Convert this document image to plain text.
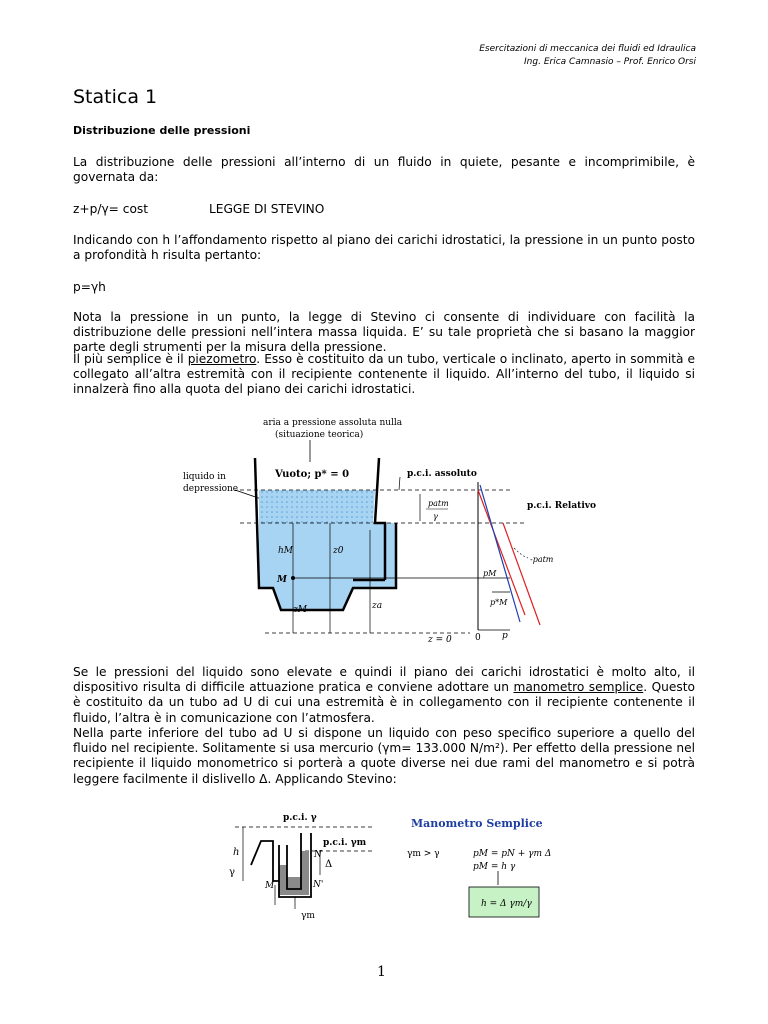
Esercitazioni di meccanica dei fluidi ed Idraulica
Ing. Erica Camnasio – Prof. Enrico Orsi
Statica 1
Distribuzione delle pressioni
La distribuzione delle pressioni all’interno di un fluido in quiete, pesante e incomprimibile, è governata da:
z+p/γ= cost	LEGGE DI STEVINO
Indicando con h l’affondamento rispetto al piano dei carichi idrostatici, la pressione in un punto posto a profondità h risulta pertanto:
p=γh
Nota la pressione in un punto, la legge di Stevino ci consente di individuare con facilità la distribuzione delle pressioni nell’intera massa liquida. E’ su tale proprietà che si basano la maggior parte degli strumenti per la misura della pressione.
Il più semplice è il piezometro. Esso è costituito da un tubo, verticale o inclinato, aperto in sommità e collegato all’altra estremità con il recipiente contenente il liquido. All’interno del tubo, il liquido si innalzerà fino alla quota del piano dei carichi idrostatici.
aria a pressione assoluta nulla
(situazione teorica)
liquido in
depressione
Vuoto; p* = 0	p.c.i. assoluto
p.c.i. Relativo
patm
γ
hM	z0
za
zM
M
z = 0
pM
p*M
-patm
0 p
Se le pressioni del liquido sono elevate e quindi il piano dei carichi idrostatici è molto alto, il dispositivo risulta di difficile attuazione pratica e conviene adottare un manometro semplice. Questo è costituito da un tubo ad U di cui una estremità è in collegamento con il recipiente contenente il fluido, l’altra è in comunicazione con l’atmosfera.
Nella parte inferiore del tubo ad U si dispone un liquido con peso specifico superiore a quello del fluido nel recipiente. Solitamente si usa mercurio (γm= 133.000 N/m²). Per effetto della pressione nel recipiente il liquido monometrico si porterà a quote diverse nei due rami del manometro e si potrà leggere facilmente il dislivello Δ. Applicando Stevino:
p.c.i. γ
p.c.i. γm
h
γ
N
Δ
N'
M
γm
Manometro Semplice
γm > γ	pM = pN + γm Δ
pM = h γ
h = Δ γm/γ
1
